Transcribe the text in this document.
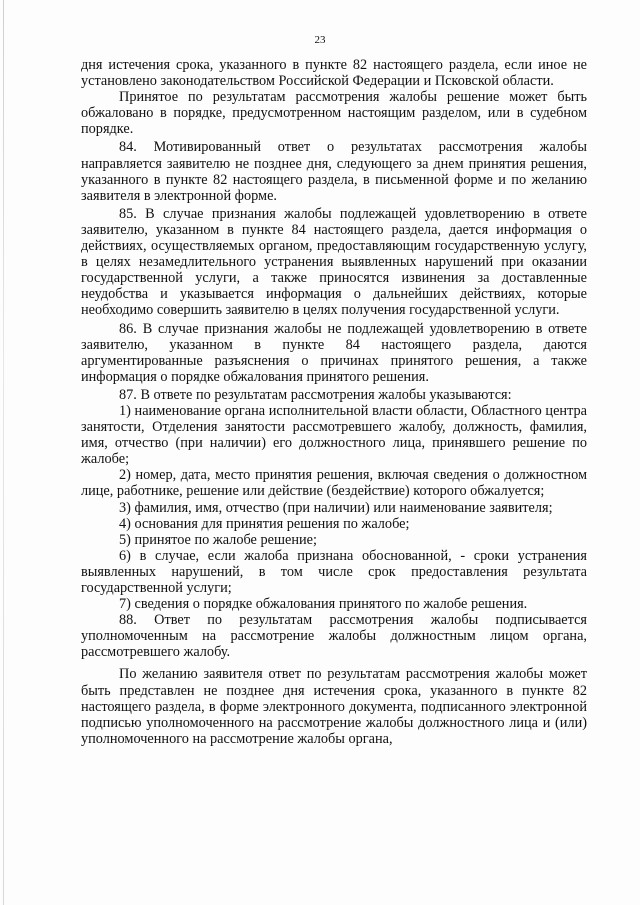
23

дня истечения срока, указанного в пункте 82 настоящего раздела, если иное не установлено законодательством Российской Федерации и Псковской области.

Принятое по результатам рассмотрения жалобы решение может быть обжаловано в порядке, предусмотренном настоящим разделом, или в судебном порядке.

84. Мотивированный ответ о результатах рассмотрения жалобы направляется заявителю не позднее дня, следующего за днем принятия решения, указанного в пункте 82 настоящего раздела, в письменной форме и по желанию заявителя в электронной форме.

85. В случае признания жалобы подлежащей удовлетворению в ответе заявителю, указанном в пункте 84 настоящего раздела, дается информация о действиях, осуществляемых органом, предоставляющим государственную услугу, в целях незамедлительного устранения выявленных нарушений при оказании государственной услуги, а также приносятся извинения за доставленные неудобства и указывается информация о дальнейших действиях, которые необходимо совершить заявителю в целях получения государственной услуги.

86. В случае признания жалобы не подлежащей удовлетворению в ответе заявителю, указанном в пункте 84 настоящего раздела, даются аргументированные разъяснения о причинах принятого решения, а также информация о порядке обжалования принятого решения.

87. В ответе по результатам рассмотрения жалобы указываются:

1) наименование органа исполнительной власти области, Областного центра занятости, Отделения занятости рассмотревшего жалобу, должность, фамилия, имя, отчество (при наличии) его должностного лица, принявшего решение по жалобе;

2) номер, дата, место принятия решения, включая сведения о должностном лице, работнике, решение или действие (бездействие) которого обжалуется;

3) фамилия, имя, отчество (при наличии) или наименование заявителя;

4) основания для принятия решения по жалобе;

5) принятое по жалобе решение;

6) в случае, если жалоба признана обоснованной, - сроки устранения выявленных нарушений, в том числе срок предоставления результата государственной услуги;

7) сведения о порядке обжалования принятого по жалобе решения.

88. Ответ по результатам рассмотрения жалобы подписывается уполномоченным на рассмотрение жалобы должностным лицом органа, рассмотревшего жалобу.

По желанию заявителя ответ по результатам рассмотрения жалобы может быть представлен не позднее дня истечения срока, указанного в пункте 82 настоящего раздела, в форме электронного документа, подписанного электронной подписью уполномоченного на рассмотрение жалобы должностного лица и (или) уполномоченного на рассмотрение жалобы органа,
